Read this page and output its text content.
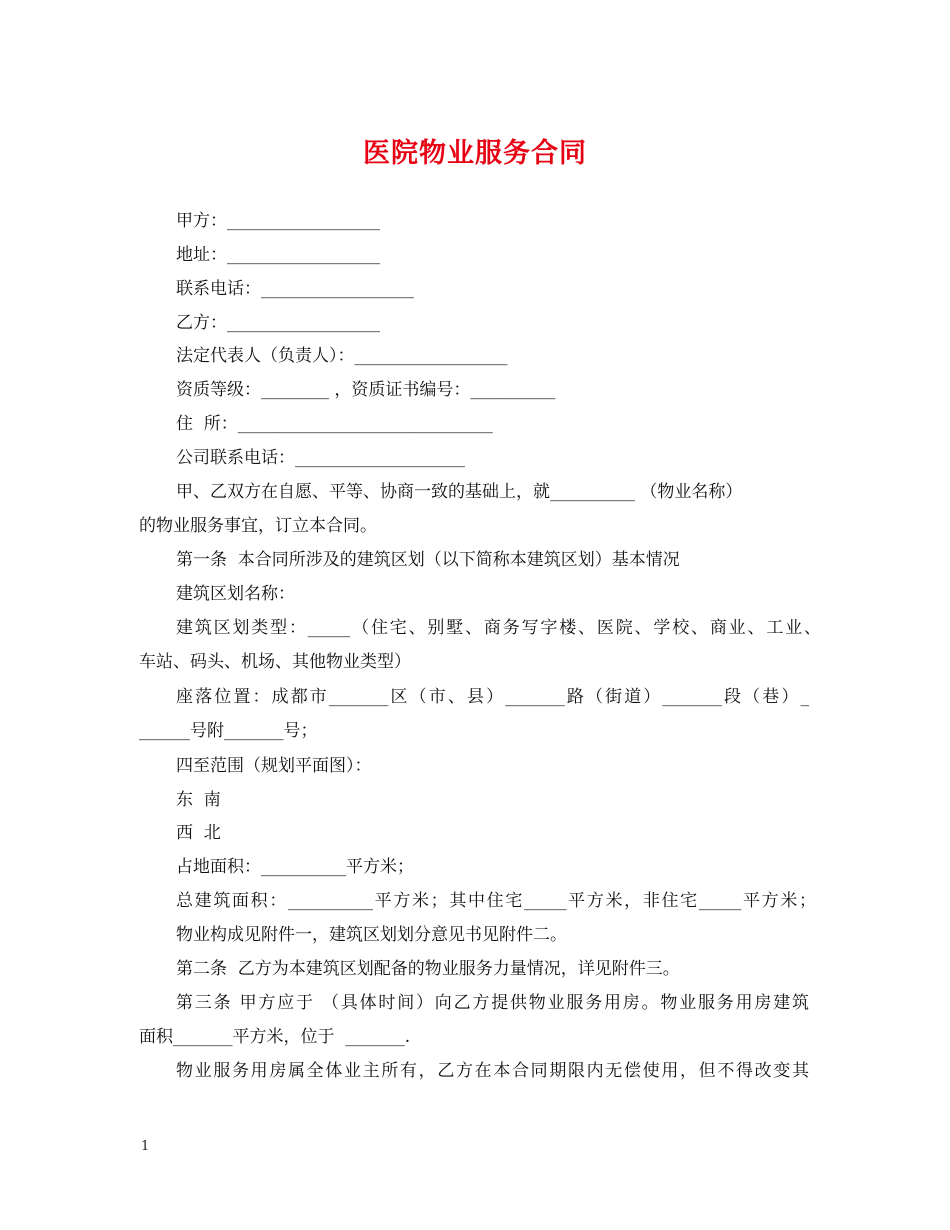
医院物业服务合同
甲方：__________________
地址：__________________
联系电话：__________________
乙方：__________________
法定代表人（负责人）：__________________
资质等级：________ ，资质证书编号：__________
住  所：______________________________
公司联系电话：____________________
甲、乙双方在自愿、平等、协商一致的基础上，就__________ （物业名称）
的物业服务事宜，订立本合同。
第一条  本合同所涉及的建筑区划（以下简称本建筑区划）基本情况
建筑区划名称：
建筑区划类型：_____（住宅、别墅、商务写字楼、医院、学校、商业、工业、
车站、码头、机场、其他物业类型）
座落位置：成都市_______区（市、县）_______路（街道）_______段（巷）_
______号附_______号；
四至范围（规划平面图）：
东  南
西  北
占地面积：__________平方米；
总建筑面积：__________平方米；其中住宅_____平方米，非住宅_____平方米；
物业构成见附件一，建筑区划划分意见书见附件二。
第二条  乙方为本建筑区划配备的物业服务力量情况，详见附件三。
第三条 甲方应于 （具体时间）向乙方提供物业服务用房。物业服务用房建筑
面积_______平方米，位于  _______.
物业服务用房属全体业主所有，乙方在本合同期限内无偿使用，但不得改变其
1
